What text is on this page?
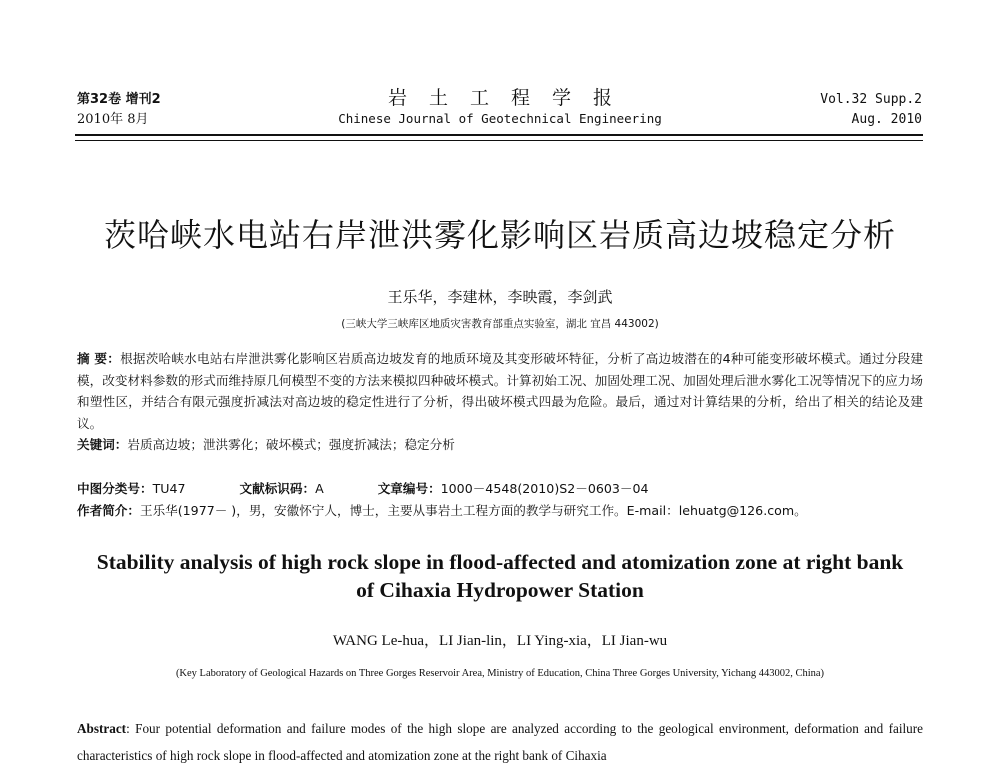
第32卷 增刊2
2010年 8月
岩土工程学报
Chinese Journal of Geotechnical Engineering
Vol.32 Supp.2
Aug. 2010
茨哈峡水电站右岸泄洪雾化影响区岩质高边坡稳定分析
王乐华，李建林，李映霞，李剑武
(三峡大学三峡库区地质灾害教育部重点实验室，湖北 宜昌 443002)
摘 要：根据茨哈峡水电站右岸泄洪雾化影响区岩质高边坡发育的地质环境及其变形破坏特征，分析了高边坡潜在的4种可能变形破坏模式。通过分段建模，改变材料参数的形式而维持原几何模型不变的方法来模拟四种破坏模式。计算初始工况、加固处理工况、加固处理后泄水雾化工况等情况下的应力场和塑性区，并结合有限元强度折减法对高边坡的稳定性进行了分析，得出破坏模式四最为危险。最后，通过对计算结果的分析，给出了相关的结论及建议。
关键词：岩质高边坡；泄洪雾化；破坏模式；强度折减法；稳定分析
中图分类号：TU47	文献标识码：A	文章编号：1000－4548(2010)S2－0603－04
作者简介：王乐华(1977－ )，男，安徽怀宁人，博士，主要从事岩土工程方面的教学与研究工作。E-mail：lehuatg@126.com。
Stability analysis of high rock slope in flood-affected and atomization zone at right bank of Cihaxia Hydropower Station
WANG Le-hua，LI Jian-lin，LI Ying-xia，LI Jian-wu
(Key Laboratory of Geological Hazards on Three Gorges Reservoir Area, Ministry of Education, China Three Gorges University, Yichang 443002, China)
Abstract: Four potential deformation and failure modes of the high slope are analyzed according to the geological environment, deformation and failure characteristics of high rock slope in flood-affected and atomization zone at the right bank of Cihaxia
